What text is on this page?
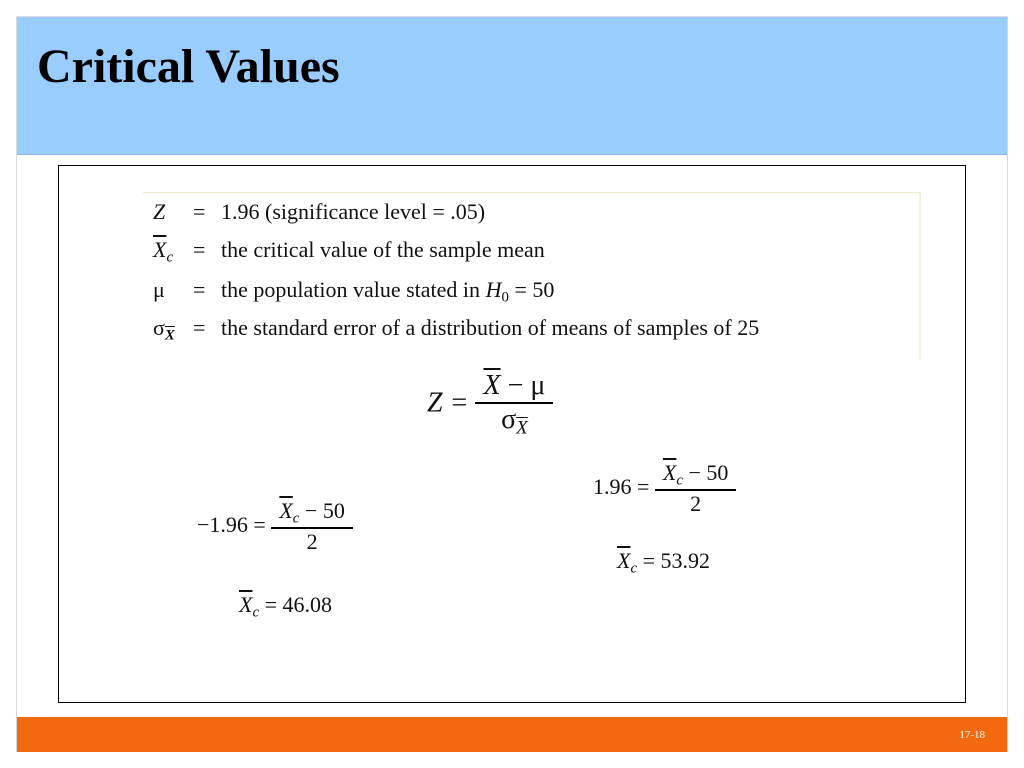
Critical Values
Z	= 1.96 (significance level = .05)
$\overline{X}_c$ = the critical value of the sample mean
μ	= the population value stated in $H_0 = 50$
$\sigma_{\overline{X}}$ = the standard error of a distribution of means of samples of 25
$Z = \frac{\overline{X} - \mu}{\sigma_{\overline{X}}}$
$-1.96 = \frac{\overline{X}_c - 50}{2}$
$\overline{X}_c = 46.08$
$1.96 = \frac{\overline{X}_c - 50}{2}$
$\overline{X}_c = 53.92$
17-18
